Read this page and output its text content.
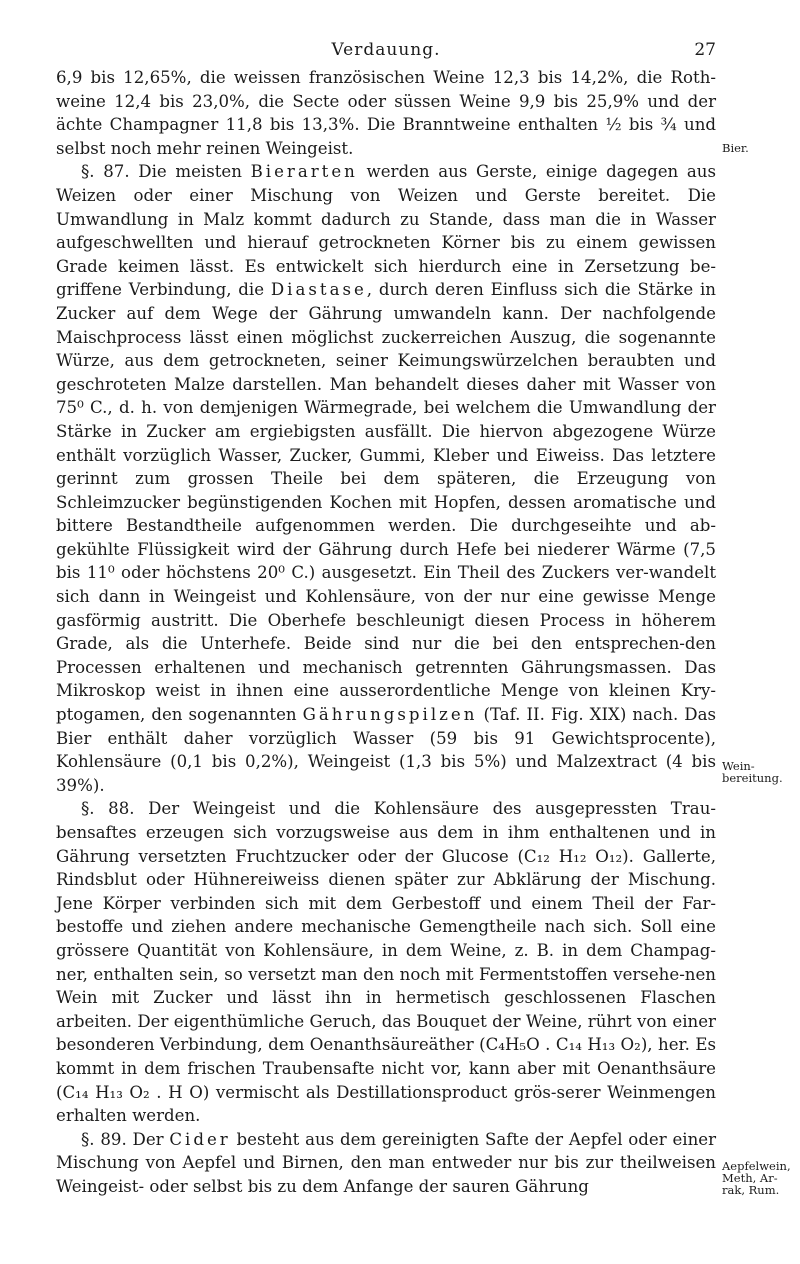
Verdauung.	27

6,9 bis 12,65%, die weissen französischen Weine 12,3 bis 14,2%, die Roth-weine 12,4 bis 23,0%, die Secte oder süssen Weine 9,9 bis 25,9% und der ächte Champagner 11,8 bis 13,3%. Die Branntweine enthalten ½ bis ¾ und selbst noch mehr reinen Weingeist.

§. 87. Die meisten Bierarten werden aus Gerste, einige dagegen aus Weizen oder einer Mischung von Weizen und Gerste bereitet. Die Umwandlung in Malz kommt dadurch zu Stande, dass man die in Wasser aufgeschwellten und hierauf getrockneten Körner bis zu einem gewissen Grade keimen lässt. Es entwickelt sich hierdurch eine in Zersetzung be-griffene Verbindung, die Diastase, durch deren Einfluss sich die Stärke in Zucker auf dem Wege der Gährung umwandeln kann. Der nachfolgende Maischprocess lässt einen möglichst zuckerreichen Auszug, die sogenannte Würze, aus dem getrockneten, seiner Keimungswürzelchen beraubten und geschroteten Malze darstellen. Man behandelt dieses daher mit Wasser von 75⁰ C., d. h. von demjenigen Wärmegrade, bei welchem die Umwandlung der Stärke in Zucker am ergiebigsten ausfällt. Die hiervon abgezogene Würze enthält vorzüglich Wasser, Zucker, Gummi, Kleber und Eiweiss. Das letztere gerinnt zum grossen Theile bei dem späteren, die Erzeugung von Schleimzucker begünstigenden Kochen mit Hopfen, dessen aromatische und bittere Bestandtheile aufgenommen werden. Die durchgeseihte und ab-gekühlte Flüssigkeit wird der Gährung durch Hefe bei niederer Wärme (7,5 bis 11⁰ oder höchstens 20⁰ C.) ausgesetzt. Ein Theil des Zuckers ver-wandelt sich dann in Weingeist und Kohlensäure, von der nur eine gewisse Menge gasförmig austritt. Die Oberhefe beschleunigt diesen Process in höherem Grade, als die Unterhefe. Beide sind nur die bei den entsprechen-den Processen erhaltenen und mechanisch getrennten Gährungsmassen. Das Mikroskop weist in ihnen eine ausserordentliche Menge von kleinen Kry-ptogamen, den sogenannten Gährungspilzen (Taf. II. Fig. XIX) nach. Das Bier enthält daher vorzüglich Wasser (59 bis 91 Gewichtsprocente), Kohlensäure (0,1 bis 0,2%), Weingeist (1,3 bis 5%) und Malzextract (4 bis 39%).

§. 88. Der Weingeist und die Kohlensäure des ausgepressten Trau-bensaftes erzeugen sich vorzugsweise aus dem in ihm enthaltenen und in Gährung versetzten Fruchtzucker oder der Glucose (C₁₂ H₁₂ O₁₂). Gallerte, Rindsblut oder Hühnereiweiss dienen später zur Abklärung der Mischung. Jene Körper verbinden sich mit dem Gerbestoff und einem Theil der Far-bestoffe und ziehen andere mechanische Gemengtheile nach sich. Soll eine grössere Quantität von Kohlensäure, in dem Weine, z. B. in dem Champag-ner, enthalten sein, so versetzt man den noch mit Fermentstoffen versehe-nen Wein mit Zucker und lässt ihn in hermetisch geschlossenen Flaschen arbeiten. Der eigenthümliche Geruch, das Bouquet der Weine, rührt von einer besonderen Verbindung, dem Oenanthsäureäther (C₄H₅O . C₁₄ H₁₃ O₂), her. Es kommt in dem frischen Traubensafte nicht vor, kann aber mit Oenanthsäure (C₁₄ H₁₃ O₂ . H O) vermischt als Destillationsproduct grös-serer Weinmengen erhalten werden.

§. 89. Der Cider besteht aus dem gereinigten Safte der Aepfel oder einer Mischung von Aepfel und Birnen, den man entweder nur bis zur theilweisen Weingeist- oder selbst bis zu dem Anfange der sauren Gährung

Bier.
Wein-
bereitung.
Aepfelwein,
Meth, Ar-
rak, Rum.
